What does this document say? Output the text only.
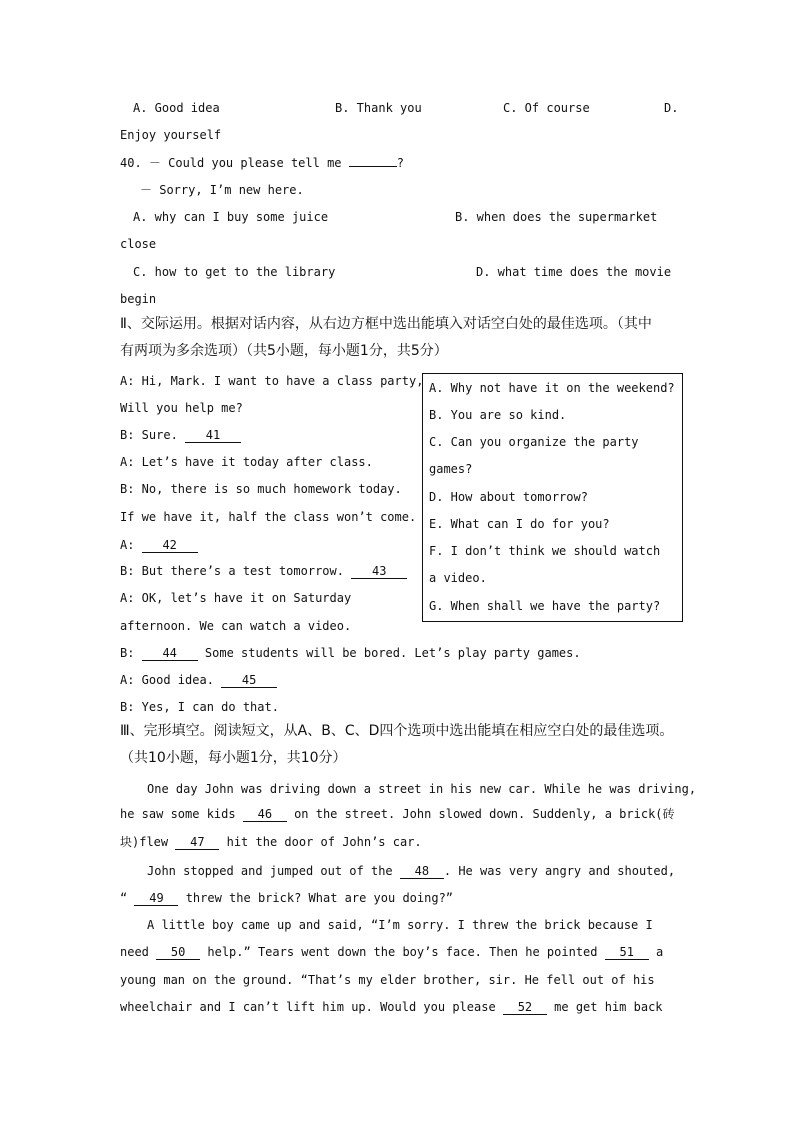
A. Good idea	B. Thank you	C. Of course	D.
Enjoy yourself
40. － Could you please tell me	?
－ Sorry, I’m new here.
A. why can I buy some juice	B. when does the supermarket
close
C. how to get to the library	D. what time does the movie
begin
Ⅱ、交际运用。根据对话内容，从右边方框中选出能填入对话空白处的最佳选项。（其中
有两项为多余选项）（共5小题，每小题1分，共5分）
A: Hi, Mark. I want to have a class party,
Will you help me?
B: Sure. 41
A: Let’s have it today after class.
B: No, there is so much homework today.
If we have it, half the class won’t come.
A: 42
B: But there’s a test tomorrow. 43
A: OK, let’s have it on Saturday
afternoon. We can watch a video.
B: 44 Some students will be bored. Let’s play party games.
A: Good idea. 45
B: Yes, I can do that.
A. Why not have it on the weekend?
B. You are so kind.
C. Can you organize the party
games?
D. How about tomorrow?
E. What can I do for you?
F. I don’t think we should watch
a video.
G. When shall we have the party?
Ⅲ、完形填空。阅读短文，从A、B、C、D四个选项中选出能填在相应空白处的最佳选项。
（共10小题，每小题1分，共10分）
One day John was driving down a street in his new car. While he was driving,
he saw some kids 46 on the street. John slowed down. Suddenly, a brick(砖
块)flew 47 hit the door of John’s car.
John stopped and jumped out of the 48 . He was very angry and shouted,
“ 49 threw the brick? What are you doing?”
A little boy came up and said, “I’m sorry. I threw the brick because I
need 50 help.” Tears went down the boy’s face. Then he pointed 51 a
young man on the ground. “That’s my elder brother, sir. He fell out of his
wheelchair and I can’t lift him up. Would you please 52 me get him back
